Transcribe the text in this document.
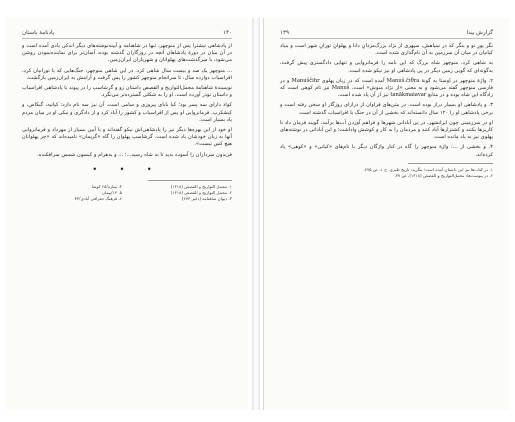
۱۴۰
یادنامهٔ باستان

از پادشاهی تیشترا پس از منوچهر، تنها در شاهنامه و آیینه‌نوشته‌های دیگر اندکی یادی آمده است و در آن میان در دورهٔ پادشاهان آنچه در روزگاران گذشته بوده، آسان‌تر برای نماینده‌نمودن روشن می‌شود، با سرگذشت‌های پهلوانان و شهریاران ایران‌زمین.

... منوچهر یک صد و بیست سال شاهی کرد. در این شاهی منوچهر، جنگ‌هایی که با تورانیان کرد، افراسیاب دوازده سال، تا سرانجام منوچهر کشور را پس گرفت و آرامش به ایران‌زمین بازگشت.

نویسندهٔ شاهنامهٔ مجمل‌التواریخ و القصص داستان زو و گرشاسپ را در پیوند با پادشاهی افراسیاب و داستان نوذر آورده است. او را به شکلی گسترده‌تر می‌نگرد.

کواذ دارای سه پسر بود؛ کیا بابای پیروزی و سامی است. آن نیز سه نام دارد: کیانیه، گیکاس، و کیشکرپ. فرمانروایی او پس از افراسیاب و کشور را آباد کرد و از دادگری و نیکی او در میان مردم یاد بسیار است.

او خود از این بهره‌ها دیگر نیز را پادشاهی‌اش نیکو گفته‌اند و با آیین بسیار از مهرداد و فرمانروایی آنها به زبان خودشان یاد شده است. گرشاسپ پهلوان را گاه «گریمان» نامیده‌اند که «جز پهلوانان هیچ کس نیست».

فریدون سرداران را آسوده بدید تا به شاه رسید...؛ ... و به‌هرام و کیسون شمس سرافکنده.

• • •
۱. مجمل التواریخ و القصص (۱۳۱۸)
۴. پتیاره/۲۵ کوشا
۲. مجمل التواریخ و القصص (۱۳۱۸)
۵. ۱۳/پیمان
۳. دیوان شاهنامه (دابیر ۲۷۳)
۶. فرهنگ جغرافی آبادی/۴۳
گزارش پیدا
۱۳۹

نگر پورِ تو و بنگر که در سپاهش، سپهری از نژاد بزرگ‌مردانِ دانا و پهلوانِ تورانِ شهر است و بنیاد کیانیان در میان آن سرزمین به آن نام‌گذاری شده است.

به شاهی کرد. منوچهر شاه بزرگ که این نامه را فرمانروایی و تنهایی دادگستری پیش گرفت، به‌گونه‌ای که گویی زمین دیگر در پی پادشاهی او نیز نیکو شده است.

۲. واژهٔ منوچهر در اوستا به گونهٔ Manuš.čiθra آمده است که در زبان پهلوی Manuščihr و در فارسی منوچهر گفته می‌شود و به معنی «از نژاد منوش» است. Manuš نیز نام کوهی است که زادگاه این شاه بوده و در منابع tanākmaiavar نیز از آن یاد شده است.

۳. و پادشاهی او بسیار دراز بوده است. در متن‌های فراوان از درازای روزگار او سخن رفته است و برخی پادشاهی او را ۱۲۰ سال دانسته‌اند که بخشی از آن در جنگ با افراسیاب گذشته است.

او در سرزمینی چون ایرانشهر، در پی آبادانی شهرها و فراهم آوردن آب‌ها برآمد. گویند فرمان داد تا کاریزها بکنند و کشتزارها آباد کنند و مردمان را به کار و کوشش واداشت؛ و این آبادانی در نوشته‌های پهلوی نیز به یاد مانده است.

۴. و بخشی از ...: واژهٔ منوچهر را گاه در کنار واژگان دیگر با نام‌های «کیانی» و «کوهی» یاد کرده‌اند.

۱. در کتاب‌ها نیز این داستان آمده است؛ بنگرید: تاریخ طبری، ج ۱، ص ۲۷۵.

۲. در پیوست‌ها: مجمل‌التواریخ و القصص (۱۳۱۸)، ص ۳۷.
